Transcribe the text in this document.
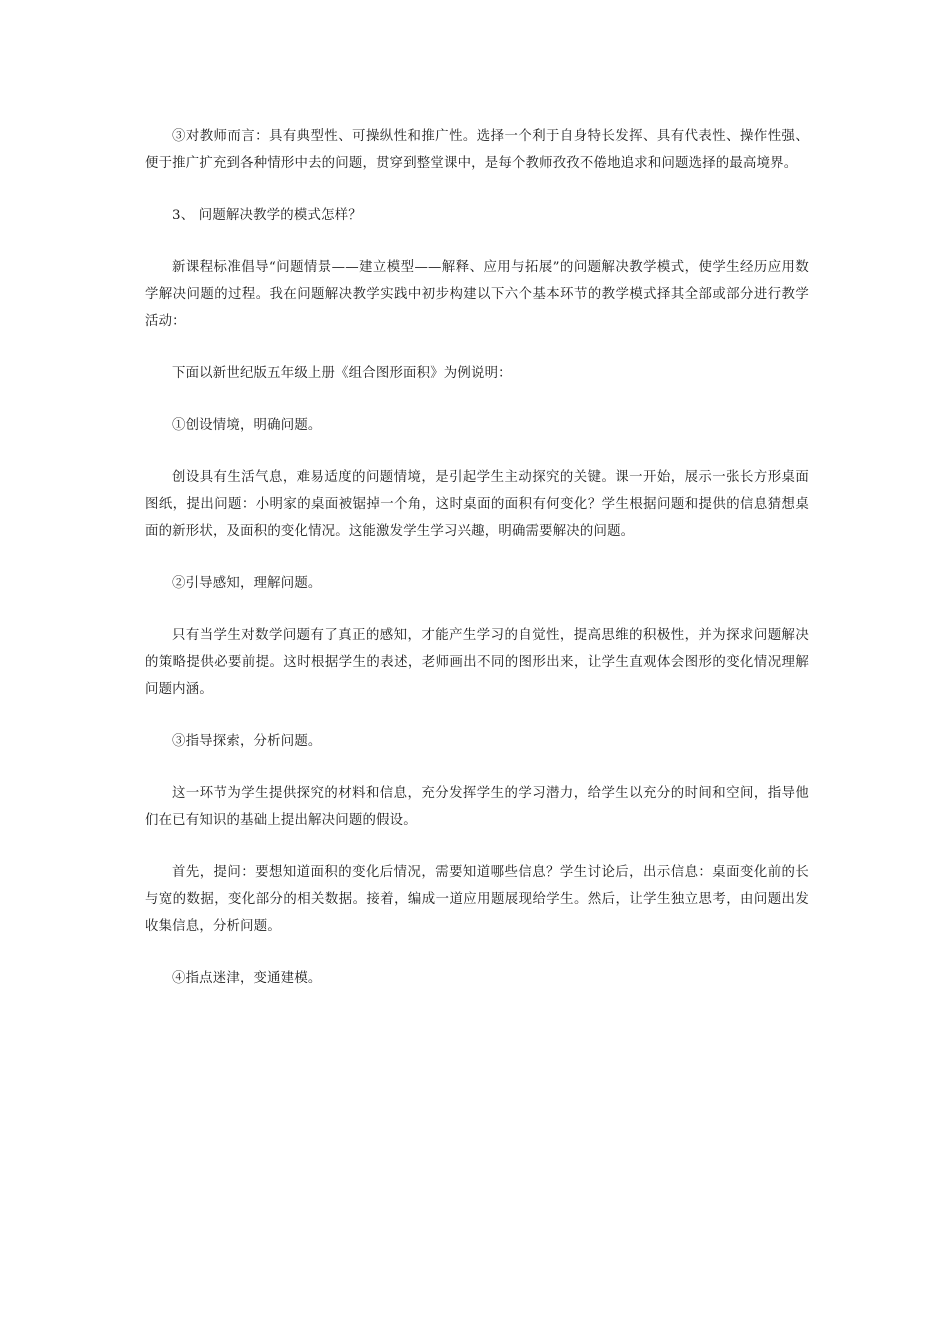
③对教师而言：具有典型性、可操纵性和推广性。选择一个利于自身特长发挥、具有代表性、操作性强、便于推广扩充到各种情形中去的问题，贯穿到整堂课中，是每个教师孜孜不倦地追求和问题选择的最高境界。

3、 问题解决教学的模式怎样？

新课程标准倡导“问题情景——建立模型——解释、应用与拓展”的问题解决教学模式，使学生经历应用数学解决问题的过程。我在问题解决教学实践中初步构建以下六个基本环节的教学模式择其全部或部分进行教学活动：

下面以新世纪版五年级上册《组合图形面积》为例说明：

①创设情境，明确问题。

创设具有生活气息，难易适度的问题情境，是引起学生主动探究的关键。课一开始，展示一张长方形桌面图纸，提出问题：小明家的桌面被锯掉一个角，这时桌面的面积有何变化？学生根据问题和提供的信息猜想桌面的新形状，及面积的变化情况。这能激发学生学习兴趣，明确需要解决的问题。

②引导感知，理解问题。

只有当学生对数学问题有了真正的感知，才能产生学习的自觉性，提高思维的积极性，并为探求问题解决的策略提供必要前提。这时根据学生的表述，老师画出不同的图形出来，让学生直观体会图形的变化情况理解问题内涵。

③指导探索，分析问题。

这一环节为学生提供探究的材料和信息，充分发挥学生的学习潜力，给学生以充分的时间和空间，指导他们在已有知识的基础上提出解决问题的假设。

首先，提问：要想知道面积的变化后情况，需要知道哪些信息？学生讨论后，出示信息：桌面变化前的长与宽的数据，变化部分的相关数据。接着，编成一道应用题展现给学生。然后，让学生独立思考，由问题出发收集信息，分析问题。

④指点迷津，变通建模。
